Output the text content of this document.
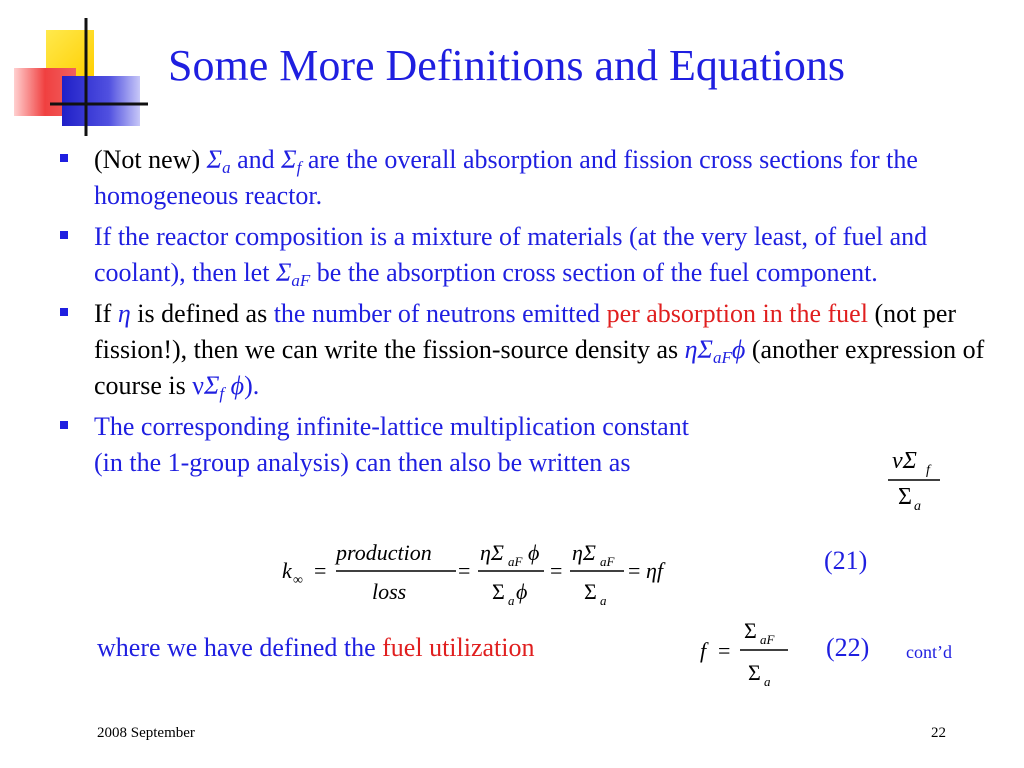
Some More Definitions and Equations
(Not new) $\Sigma_a$ and $\Sigma_f$ are the overall absorption and fission cross sections for the homogeneous reactor.
If the reactor composition is a mixture of materials (at the very least, of fuel and coolant), then let $\Sigma_{aF}$ be the absorption cross section of the fuel component.
If η is defined as the number of neutrons emitted per absorption in the fuel (not per fission!), then we can write the fission-source density as $\eta\Sigma_{aF}\phi$ (another expression of course is $\nu\Sigma_f$ ϕ).
The corresponding infinite-lattice multiplication constant
(in the 1-group analysis) can then also be written as	νΣ f
Σ a
k ∞ =
production
loss
=
ηΣ aF ϕ
Σ a ϕ
=
ηΣ aF
Σ a
= ηf	(21)
where we have defined the fuel utilization	f =
Σ aF
Σ a
(22) cont’d
2008 September	22
